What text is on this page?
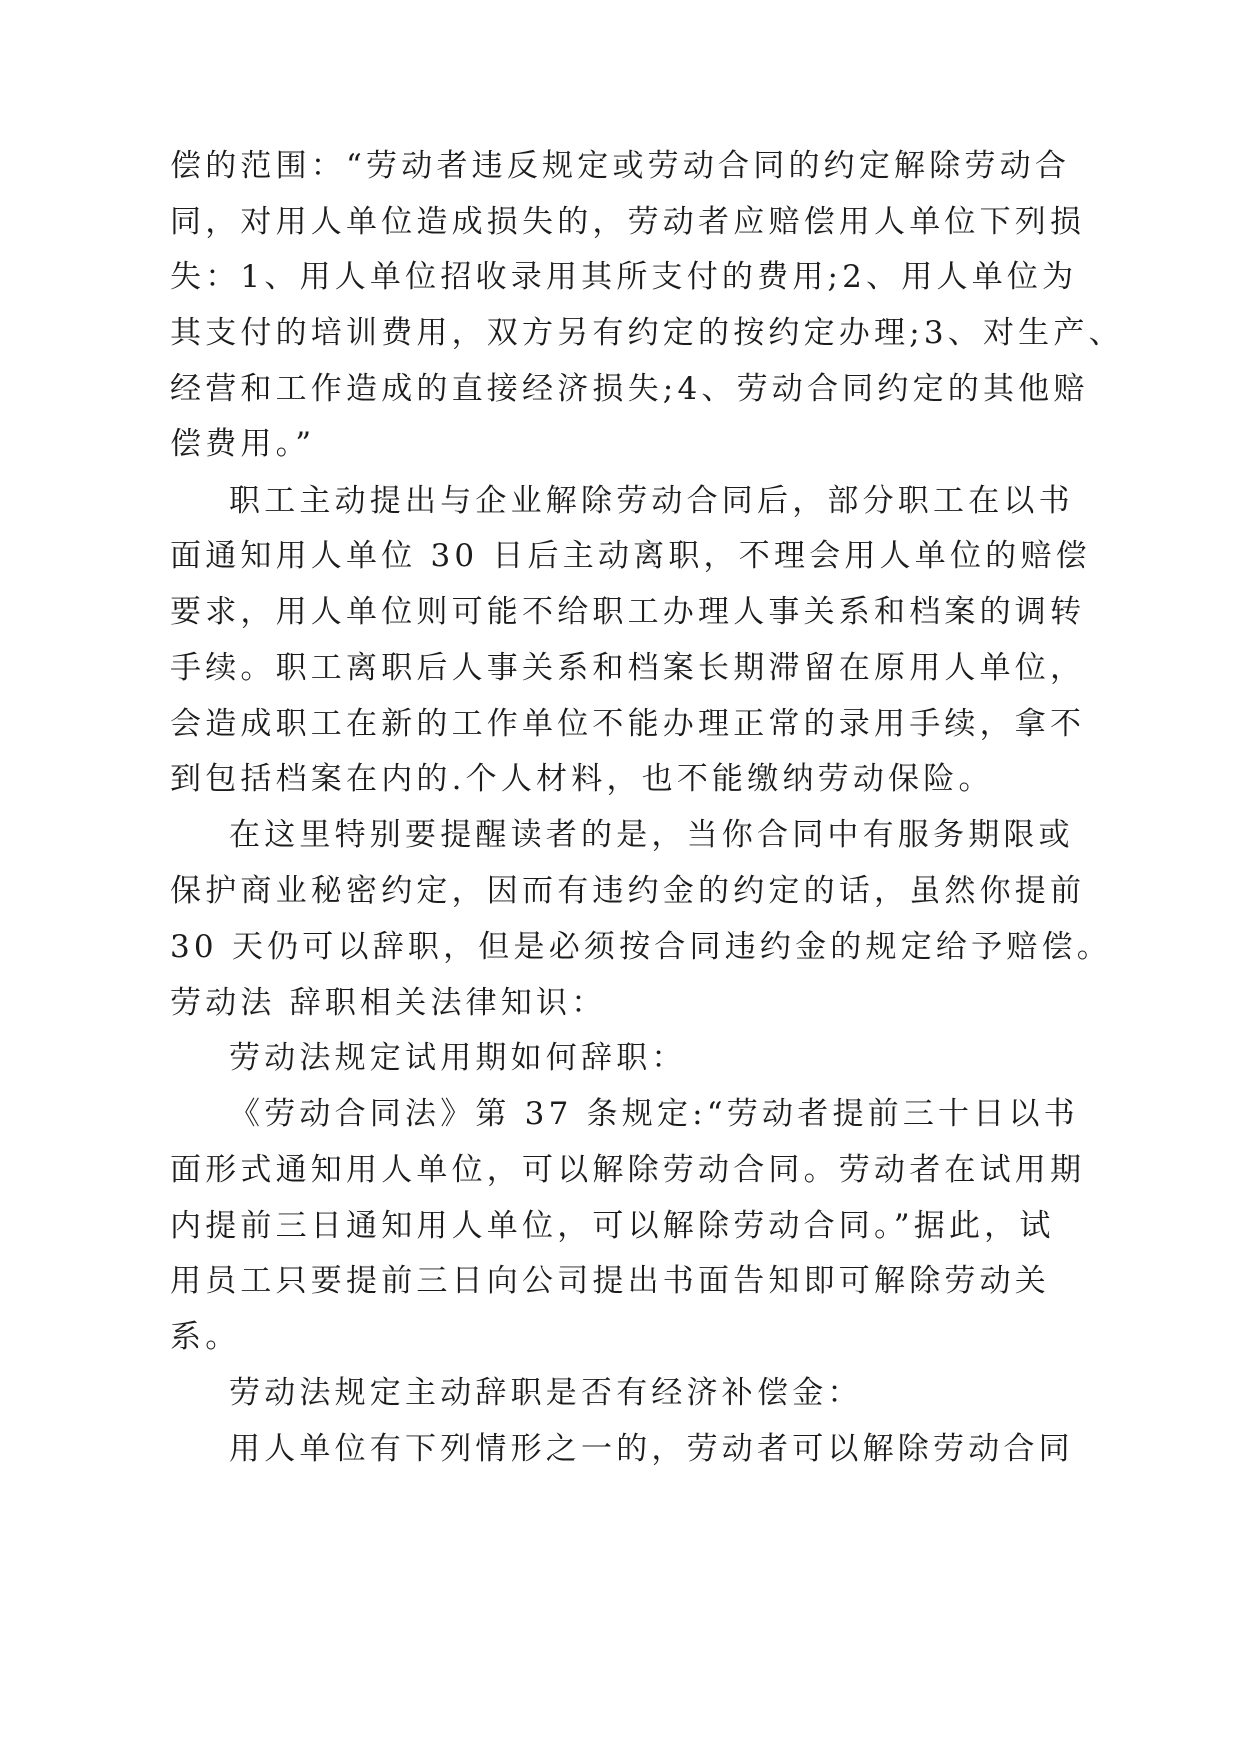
偿的范围：“劳动者违反规定或劳动合同的约定解除劳动合
同，对用人单位造成损失的，劳动者应赔偿用人单位下列损
失：1、用人单位招收录用其所支付的费用;2、用人单位为
其支付的培训费用，双方另有约定的按约定办理;3、对生产、
经营和工作造成的直接经济损失;4、劳动合同约定的其他赔
偿费用。”
职工主动提出与企业解除劳动合同后，部分职工在以书
面通知用人单位 30 日后主动离职，不理会用人单位的赔偿
要求，用人单位则可能不给职工办理人事关系和档案的调转
手续。职工离职后人事关系和档案长期滞留在原用人单位，
会造成职工在新的工作单位不能办理正常的录用手续，拿不
到包括档案在内的.个人材料，也不能缴纳劳动保险。
在这里特别要提醒读者的是，当你合同中有服务期限或
保护商业秘密约定，因而有违约金的约定的话，虽然你提前
30 天仍可以辞职，但是必须按合同违约金的规定给予赔偿。
劳动法 辞职相关法律知识：
劳动法规定试用期如何辞职：
《劳动合同法》第 37 条规定:“劳动者提前三十日以书
面形式通知用人单位，可以解除劳动合同。劳动者在试用期
内提前三日通知用人单位，可以解除劳动合同。”据此，试
用员工只要提前三日向公司提出书面告知即可解除劳动关
系。
劳动法规定主动辞职是否有经济补偿金：
用人单位有下列情形之一的，劳动者可以解除劳动合同
